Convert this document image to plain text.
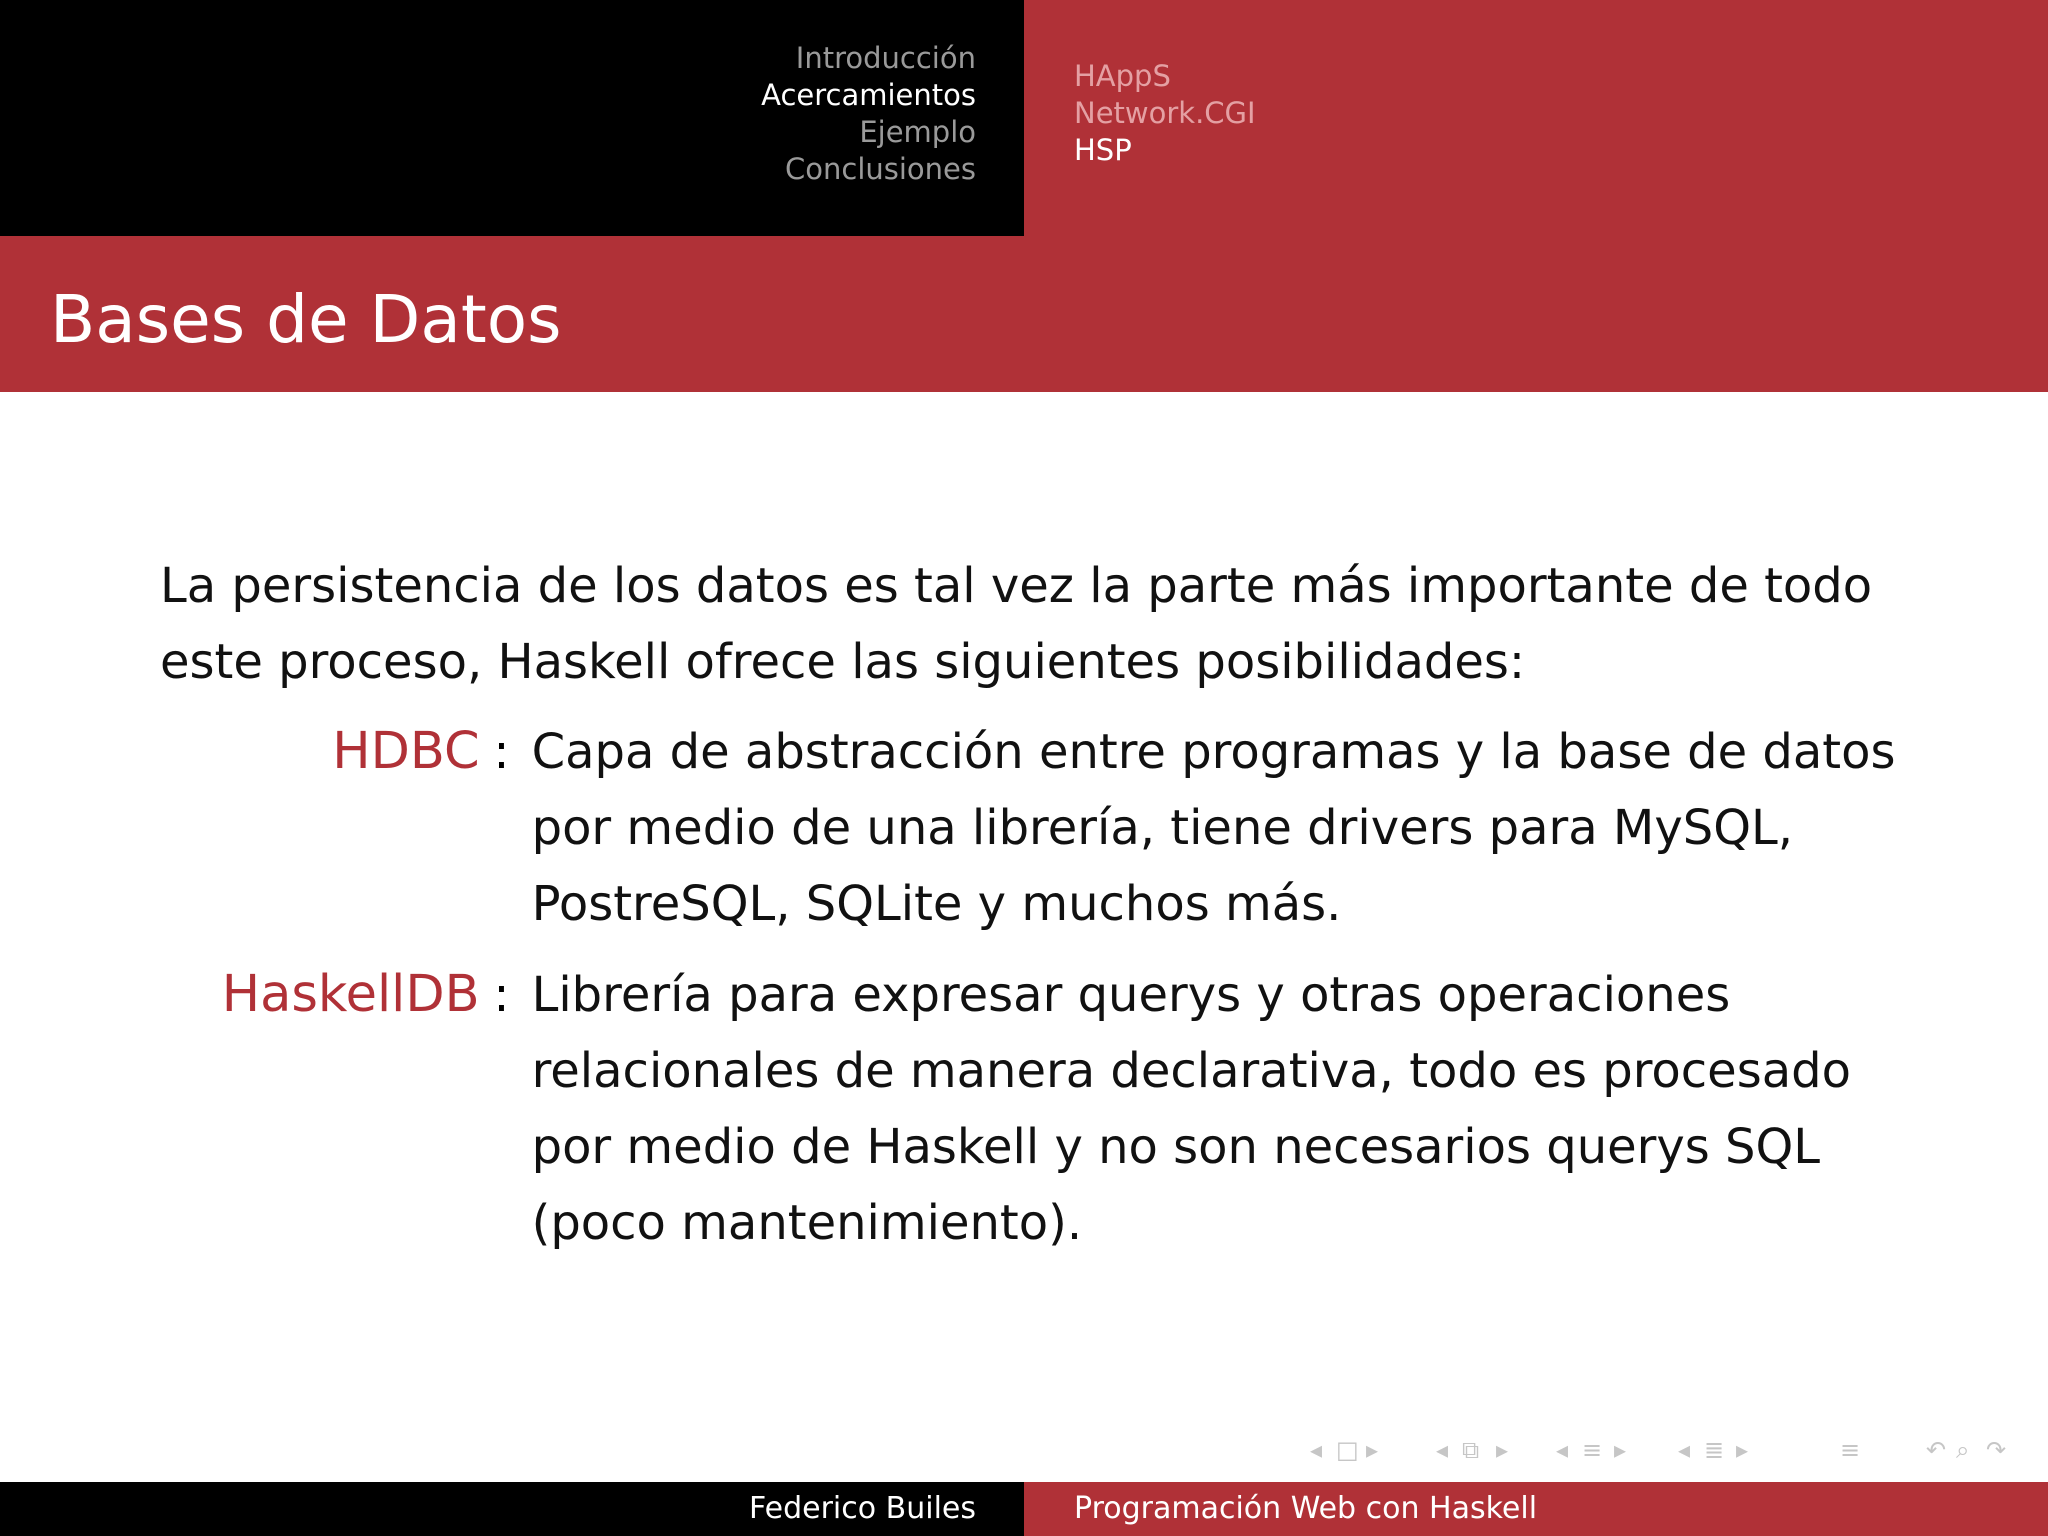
Introducción
Acercamientos
Ejemplo
Conclusiones
HAppS
Network.CGI
HSP
Bases de Datos

La persistencia de los datos es tal vez la parte más importante de todo este proceso, Haskell ofrece las siguientes posibilidades:

HDBC : Capa de abstracción entre programas y la base de datos por medio de una librería, tiene drivers para MySQL, PostreSQL, SQLite y muchos más.
HaskellDB : Librería para expresar querys y otras operaciones relacionales de manera declarativa, todo es procesado por medio de Haskell y no son necesarios querys SQL (poco mantenimiento).
◂ □ ▸ ◂ ⧉ ▸ ◂ ≡ ▸ ◂ ≣ ▸	≡	↶ ⌕ ↷
Federico Builes	Programación Web con Haskell
